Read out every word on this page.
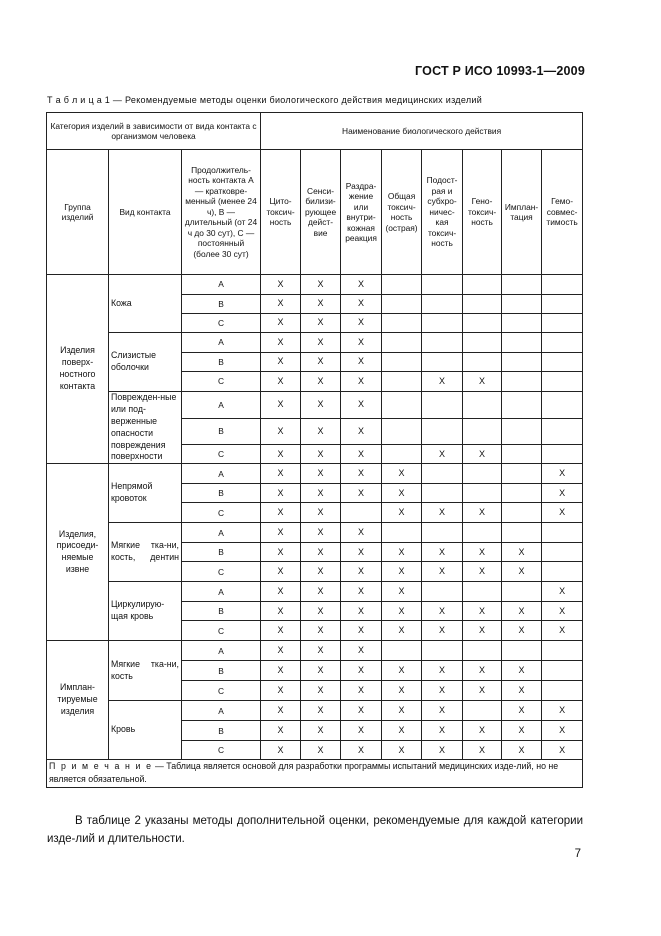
ГОСТ Р ИСО 10993-1—2009
Т а б л и ц а 1 — Рекомендуемые методы оценки биологического действия медицинских изделий
Категория изделий в зависимости от вида контакта с организмом человека			Наименование биологического действия							
Группа изделий	Вид контакта	Продолжитель-ность контакта А — кратковре-менный (менее 24 ч), В — длительный (от 24 ч до 30 сут), С — постоянный (более 30 сут)	Цито-токсич-ность	Сенси-билизи-рующее дейст-вие	Раздра-жение или внутри-кожная реакция	Общая токсич-ность (острая)	Подост-рая и субхро-ничес-кая токсич-ность	Гено-токсич-ность	Имплан-тация	Гемо-совмес-тимость
Изделия поверх-ностного контакта	Кожа	A	X	X	X					
		B	X	X	X					
		C	X	X	X					
	Слизистые оболочки	A	X	X	X					
		B	X	X	X					
		C	X	X	X		X	X		
	Поврежден-ные или под-верженные опасности повреждения поверхности	A	X	X	X					
		B	X	X	X					
		C	X	X	X		X	X		
Изделия, присоеди-няемые извне	Непрямой кровоток	A	X	X	X	X				X
		B	X	X	X	X				X
		C	X	X		X	X	X		X
	Мягкие тка-ни, кость, дентин	A	X	X	X					
		B	X	X	X	X	X	X	X	
		C	X	X	X	X	X	X	X	
	Циркулирую-щая кровь	A	X	X	X	X				X
		B	X	X	X	X	X	X	X	X
		C	X	X	X	X	X	X	X	X
Имплан-тируемые изделия	Мягкие тка-ни, кость	A	X	X	X					
		B	X	X	X	X	X	X	X	
		C	X	X	X	X	X	X	X	
	Кровь	A	X	X	X	X	X		X	X
		B	X	X	X	X	X	X	X	X
		C	X	X	X	X	X	X	X	X
П р и м е ч а н и е — Таблица является основой для разработки программы испытаний медицинских изде-лий, но не является обязательной.										
В таблице 2 указаны методы дополнительной оценки, рекомендуемые для каждой категории изде-лий и длительности.
7
